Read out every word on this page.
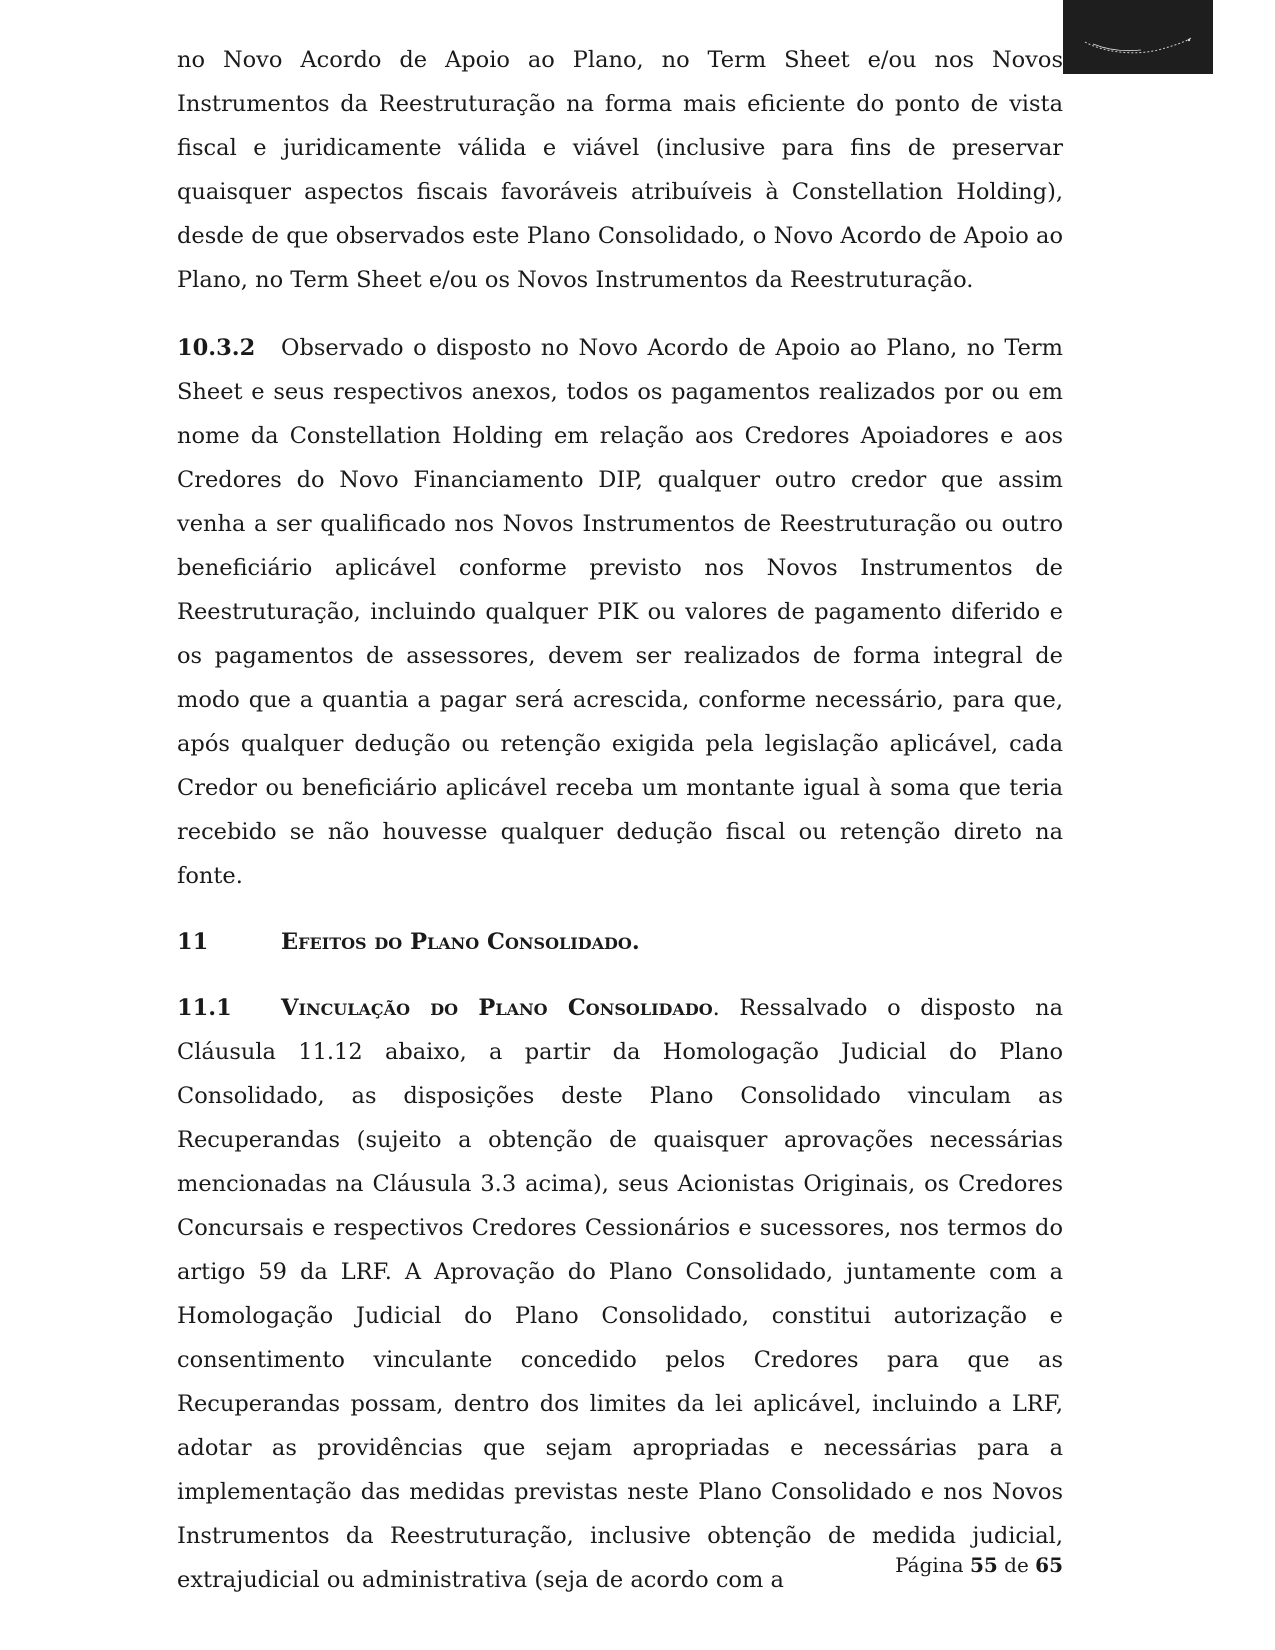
no Novo Acordo de Apoio ao Plano, no Term Sheet e/ou nos Novos Instrumentos da Reestruturação na forma mais eficiente do ponto de vista fiscal e juridicamente válida e viável (inclusive para fins de preservar quaisquer aspectos fiscais favoráveis atribuíveis à Constellation Holding), desde de que observados este Plano Consolidado, o Novo Acordo de Apoio ao Plano, no Term Sheet e/ou os Novos Instrumentos da Reestruturação.

10.3.2 Observado o disposto no Novo Acordo de Apoio ao Plano, no Term Sheet e seus respectivos anexos, todos os pagamentos realizados por ou em nome da Constellation Holding em relação aos Credores Apoiadores e aos Credores do Novo Financiamento DIP, qualquer outro credor que assim venha a ser qualificado nos Novos Instrumentos de Reestruturação ou outro beneficiário aplicável conforme previsto nos Novos Instrumentos de Reestruturação, incluindo qualquer PIK ou valores de pagamento diferido e os pagamentos de assessores, devem ser realizados de forma integral de modo que a quantia a pagar será acrescida, conforme necessário, para que, após qualquer dedução ou retenção exigida pela legislação aplicável, cada Credor ou beneficiário aplicável receba um montante igual à soma que teria recebido se não houvesse qualquer dedução fiscal ou retenção direto na fonte.

11	Efeitos do Plano Consolidado.

11.1 Vinculação do Plano Consolidado. Ressalvado o disposto na Cláusula 11.12 abaixo, a partir da Homologação Judicial do Plano Consolidado, as disposições deste Plano Consolidado vinculam as Recuperandas (sujeito a obtenção de quaisquer aprovações necessárias mencionadas na Cláusula 3.3 acima), seus Acionistas Originais, os Credores Concursais e respectivos Credores Cessionários e sucessores, nos termos do artigo 59 da LRF. A Aprovação do Plano Consolidado, juntamente com a Homologação Judicial do Plano Consolidado, constitui autorização e consentimento vinculante concedido pelos Credores para que as Recuperandas possam, dentro dos limites da lei aplicável, incluindo a LRF, adotar as providências que sejam apropriadas e necessárias para a implementação das medidas previstas neste Plano Consolidado e nos Novos Instrumentos da Reestruturação, inclusive obtenção de medida judicial, extrajudicial ou administrativa (seja de acordo com a

Página 55 de 65
